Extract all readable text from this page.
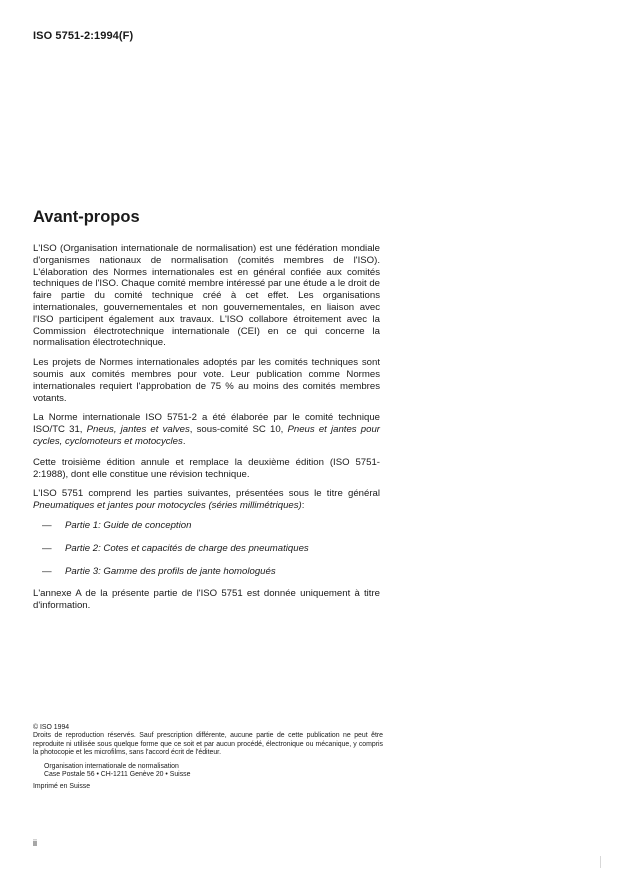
ISO 5751-2:1994(F)
Avant-propos

L'ISO (Organisation internationale de normalisation) est une fédération mondiale d'organismes nationaux de normalisation (comités membres de l'ISO). L'élaboration des Normes internationales est en général confiée aux comités techniques de l'ISO. Chaque comité membre intéressé par une étude a le droit de faire partie du comité technique créé à cet effet. Les organisations internationales, gouvernementales et non gouvernementales, en liaison avec l'ISO participent également aux travaux. L'ISO collabore étroitement avec la Commission électrotechnique internationale (CEI) en ce qui concerne la normalisation électrotechnique.

Les projets de Normes internationales adoptés par les comités techniques sont soumis aux comités membres pour vote. Leur publication comme Normes internationales requiert l'approbation de 75 % au moins des comités membres votants.

La Norme internationale ISO 5751-2 a été élaborée par le comité technique ISO/TC 31, Pneus, jantes et valves, sous-comité SC 10, Pneus et jantes pour cycles, cyclomoteurs et motocycles.

Cette troisième édition annule et remplace la deuxième édition (ISO 5751-2:1988), dont elle constitue une révision technique.

L'ISO 5751 comprend les parties suivantes, présentées sous le titre général Pneumatiques et jantes pour motocycles (séries millimétriques):

—	Partie 1: Guide de conception
—	Partie 2: Cotes et capacités de charge des pneumatiques
—	Partie 3: Gamme des profils de jante homologués

L'annexe A de la présente partie de l'ISO 5751 est donnée uniquement à titre d'information.

© ISO 1994

Droits de reproduction réservés. Sauf prescription différente, aucune partie de cette publication ne peut être reproduite ni utilisée sous quelque forme que ce soit et par aucun procédé, électronique ou mécanique, y compris la photocopie et les microfilms, sans l'accord écrit de l'éditeur.

Organisation internationale de normalisation

Case Postale 56 • CH-1211 Genève 20 • Suisse

Imprimé en Suisse

ii
